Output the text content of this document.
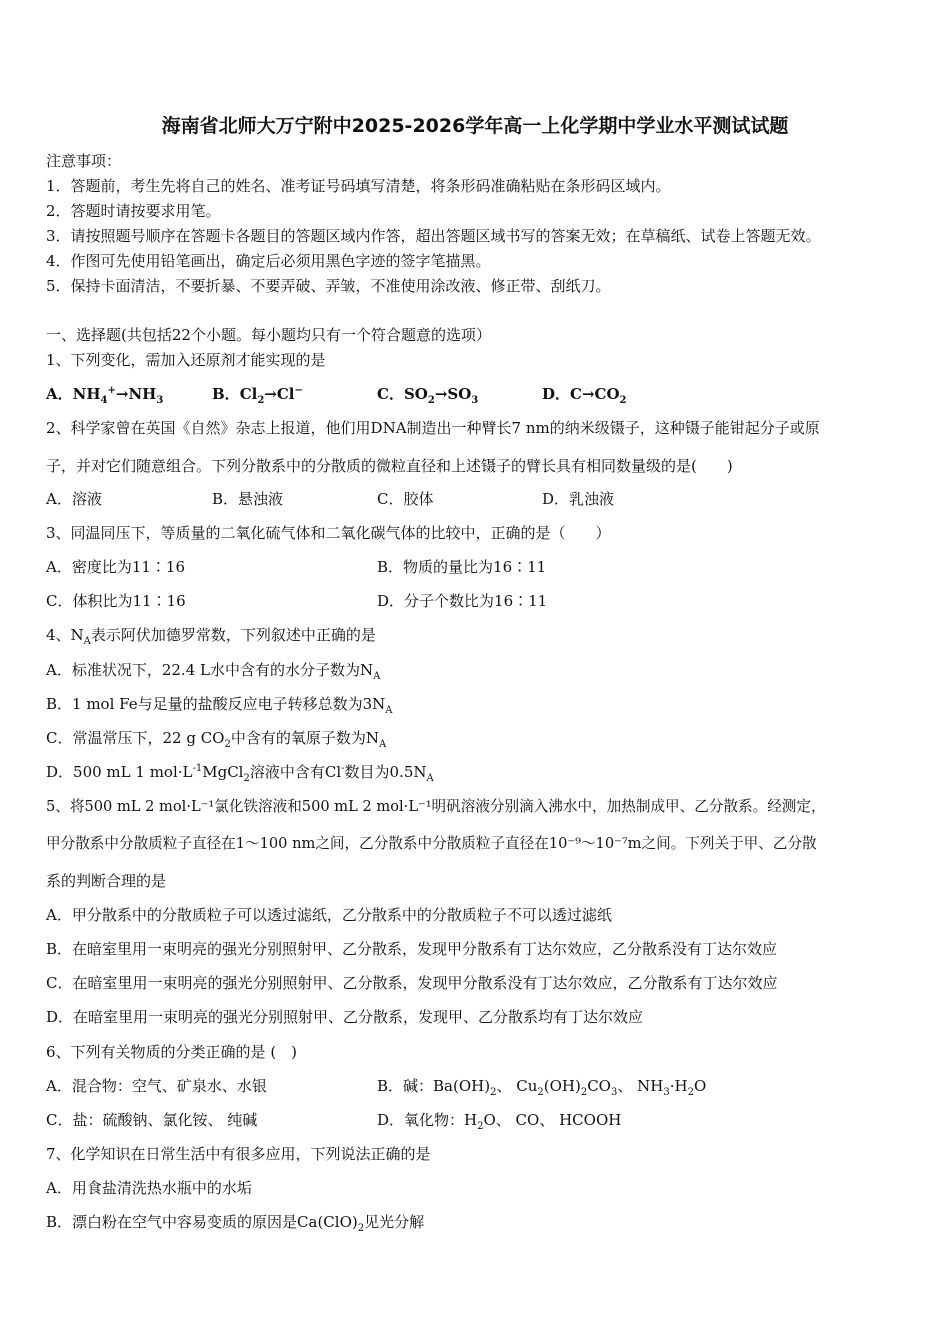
海南省北师大万宁附中2025-2026学年高一上化学期中学业水平测试试题
注意事项：
1．答题前，考生先将自己的姓名、准考证号码填写清楚，将条形码准确粘贴在条形码区域内。
2．答题时请按要求用笔。
3．请按照题号顺序在答题卡各题目的答题区域内作答，超出答题区域书写的答案无效；在草稿纸、试卷上答题无效。
4．作图可先使用铅笔画出，确定后必须用黑色字迹的签字笔描黑。
5．保持卡面清洁，不要折暴、不要弄破、弄皱，不准使用涂改液、修正带、刮纸刀。
一、选择题(共包括22个小题。每小题均只有一个符合题意的选项）
1、下列变化，需加入还原剂才能实现的是
A．$NH_4^+\to NH_3$	B．$Cl_2\to Cl^-$	C．$SO_2\to SO_3$	D．$C\to CO_2$
2、科学家曾在英国《自然》杂志上报道，他们用DNA制造出一种臂长7 nm的纳米级镊子，这种镊子能钳起分子或原
子，并对它们随意组合。下列分散系中的分散质的微粒直径和上述镊子的臂长具有相同数量级的是(　　)
A．溶液	B．悬浊液	C．胶体	D．乳浊液
3、同温同压下，等质量的二氧化硫气体和二氧化碳气体的比较中，正确的是（　　）
A．密度比为11∶16	B．物质的量比为16∶11
C．体积比为11∶16	D．分子个数比为16∶11
4、$N_A$表示阿伏加德罗常数，下列叙述中正确的是
A．标准状况下，22.4 L水中含有的水分子数为$N_A$
B．1 mol Fe与足量的盐酸反应电子转移总数为$3N_A$
C．常温常压下，22 g $CO_2$中含有的氧原子数为$N_A$
D．500 mL 1 $mol\cdot L^{-1}MgCl_2$溶液中含有Cl-数目为$0.5N_A$
5、将500 mL 2 mol·L⁻¹氯化铁溶液和500 mL 2 mol·L⁻¹明矾溶液分别滴入沸水中，加热制成甲、乙分散系。经测定，
甲分散系中分散质粒子直径在1～100 nm之间，乙分散系中分散质粒子直径在10⁻⁹～10⁻⁷m之间。下列关于甲、乙分散
系的判断合理的是
A．甲分散系中的分散质粒子可以透过滤纸，乙分散系中的分散质粒子不可以透过滤纸
B．在暗室里用一束明亮的强光分别照射甲、乙分散系，发现甲分散系有丁达尔效应，乙分散系没有丁达尔效应
C．在暗室里用一束明亮的强光分别照射甲、乙分散系，发现甲分散系没有丁达尔效应，乙分散系有丁达尔效应
D．在暗室里用一束明亮的强光分别照射甲、乙分散系，发现甲、乙分散系均有丁达尔效应
6、下列有关物质的分类正确的是 (　)
A．混合物：空气、矿泉水、水银	B．碱：$Ba(OH)_2$、 $Cu_2(OH)_2CO_3$、 $NH_3\cdot H_2O$
C．盐：硫酸钠、氯化铵、 纯碱	D．氧化物：$H_2O$、 CO、 HCOOH
7、化学知识在日常生活中有很多应用，下列说法正确的是
A．用食盐清洗热水瓶中的水垢
B．漂白粉在空气中容易变质的原因是$Ca(ClO)_2$见光分解
